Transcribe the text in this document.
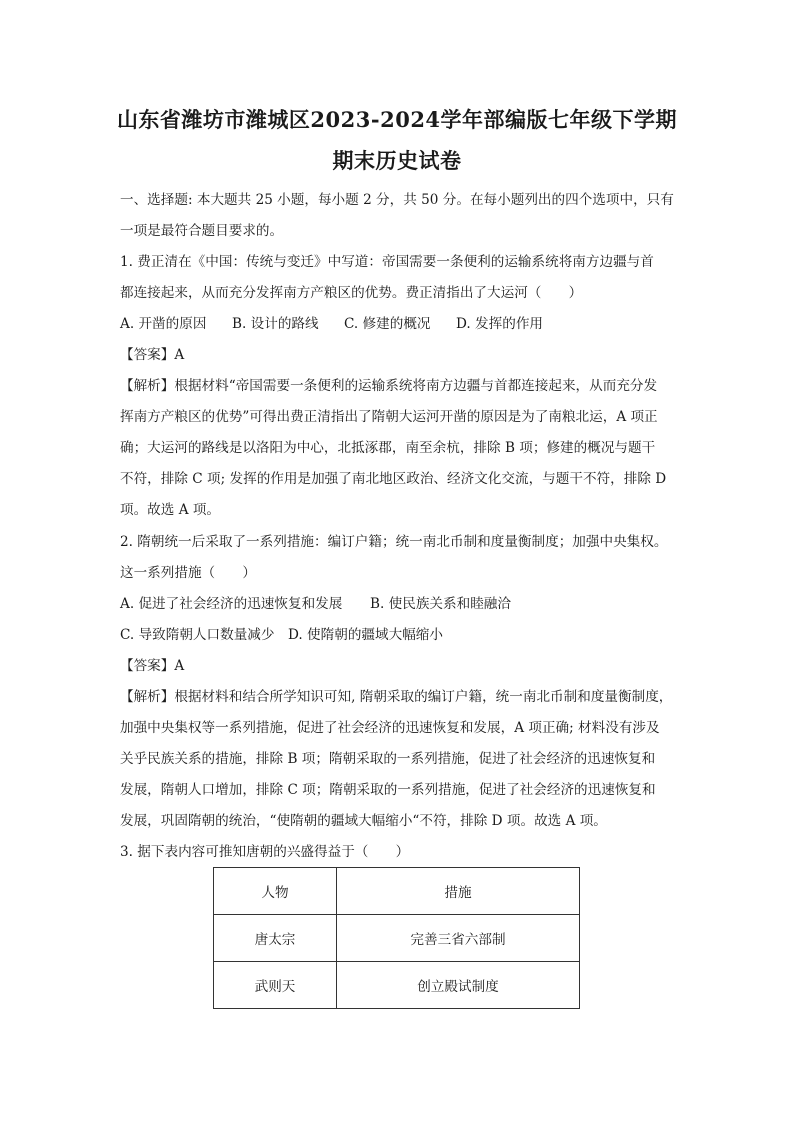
山东省潍坊市潍城区2023-2024学年部编版七年级下学期
期末历史试卷
一、选择题: 本大题共 25 小题，每小题 2 分，共 50 分。在每小题列出的四个选项中，只有
一项是最符合题目要求的。
1. 费正清在《中国：传统与变迁》中写道：帝国需要一条便利的运输系统将南方边疆与首
都连接起来，从而充分发挥南方产粮区的优势。费正清指出了大运河（　　）
A. 开凿的原因 B. 设计的路线 C. 修建的概况 D. 发挥的作用
【答案】A
【解析】根据材料“帝国需要一条便利的运输系统将南方边疆与首都连接起来，从而充分发
挥南方产粮区的优势”可得出费正清指出了隋朝大运河开凿的原因是为了南粮北运，A 项正
确；大运河的路线是以洛阳为中心，北抵涿郡，南至余杭，排除 B 项；修建的概况与题干
不符，排除 C 项; 发挥的作用是加强了南北地区政治、经济文化交流，与题干不符，排除 D
项。故选 A 项。
2. 隋朝统一后采取了一系列措施：编订户籍；统一南北币制和度量衡制度；加强中央集权。
这一系列措施（　　）
A. 促进了社会经济的迅速恢复和发展 B. 使民族关系和睦融洽
C. 导致隋朝人口数量减少 D. 使隋朝的疆域大幅缩小
【答案】A
【解析】根据材料和结合所学知识可知, 隋朝采取的编订户籍，统一南北币制和度量衡制度，
加强中央集权等一系列措施，促进了社会经济的迅速恢复和发展，A 项正确; 材料没有涉及
关乎民族关系的措施，排除 B 项；隋朝采取的一系列措施，促进了社会经济的迅速恢复和
发展，隋朝人口增加，排除 C 项；隋朝采取的一系列措施，促进了社会经济的迅速恢复和
发展，巩固隋朝的统治，“使隋朝的疆域大幅缩小“不符，排除 D 项。故选 A 项。
3. 据下表内容可推知唐朝的兴盛得益于（　　）
人物	措施
唐太宗	完善三省六部制
武则天	创立殿试制度
